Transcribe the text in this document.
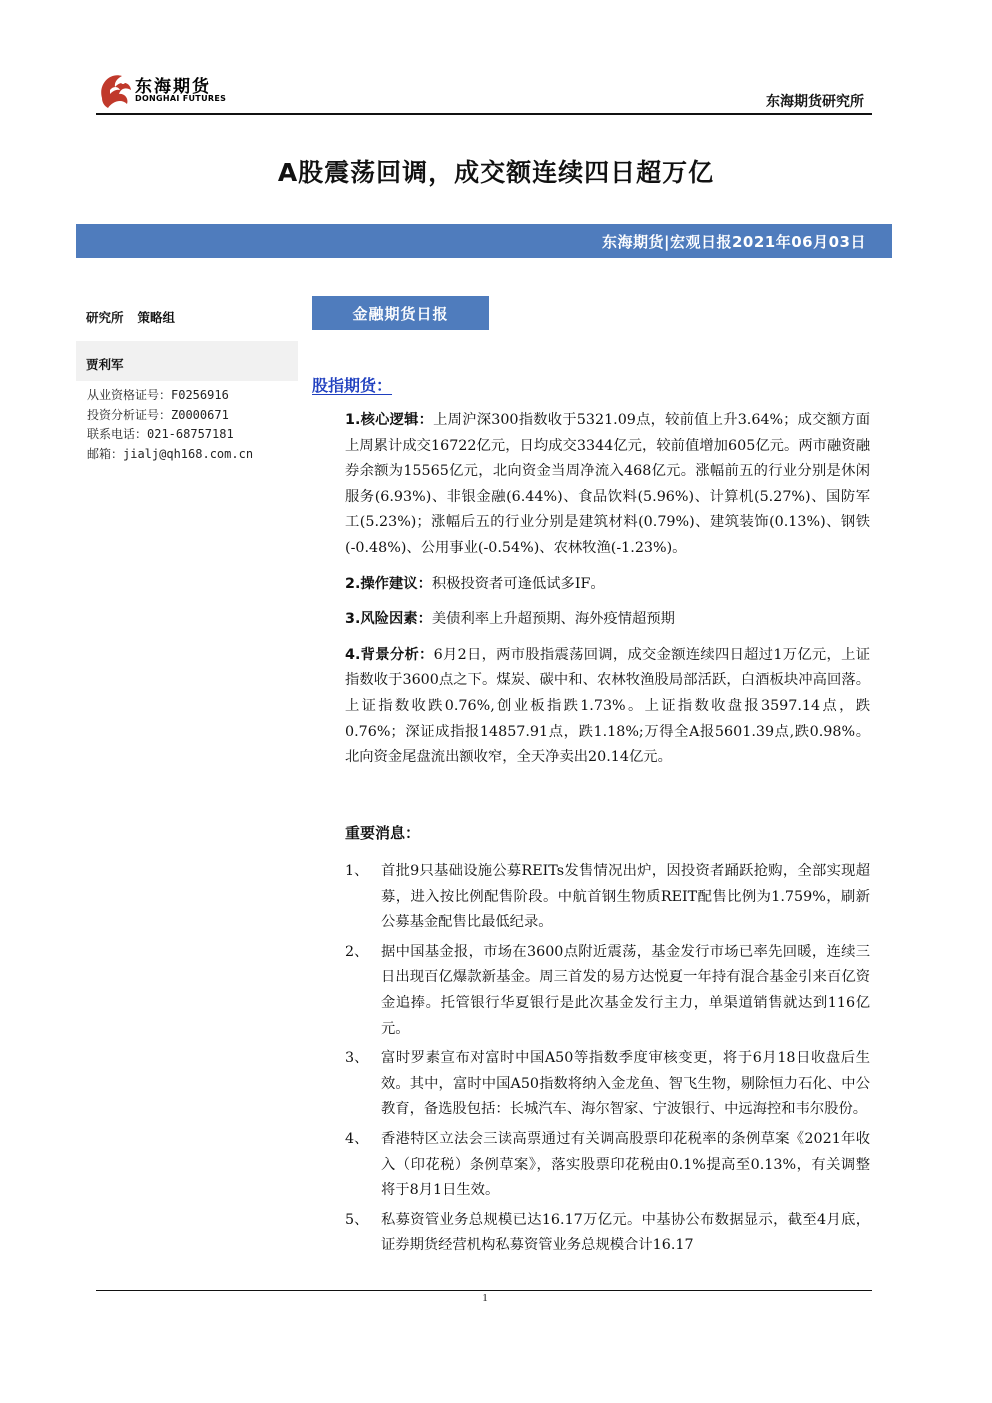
东海期货
DONGHAI FUTURES	东海期货研究所
A股震荡回调，成交额连续四日超万亿
东海期货|宏观日报2021年06月03日
研究所 策略组
贾利军
从业资格证号：F0256916
投资分析证号：Z0000671
联系电话：021-68757181
邮箱：jialj@qh168.com.cn
金融期货日报
股指期货：

1.核心逻辑：上周沪深300指数收于5321.09点，较前值上升3.64%；成交额方面上周累计成交16722亿元，日均成交3344亿元，较前值增加605亿元。两市融资融券余额为15565亿元，北向资金当周净流入468亿元。涨幅前五的行业分别是休闲服务(6.93%)、非银金融(6.44%)、食品饮料(5.96%)、计算机(5.27%)、国防军工(5.23%)；涨幅后五的行业分别是建筑材料(0.79%)、建筑装饰(0.13%)、钢铁(-0.48%)、公用事业(-0.54%)、农林牧渔(-1.23%)。

2.操作建议：积极投资者可逢低试多IF。

3.风险因素：美债利率上升超预期、海外疫情超预期

4.背景分析：6月2日，两市股指震荡回调，成交金额连续四日超过1万亿元，上证指数收于3600点之下。煤炭、碳中和、农林牧渔股局部活跃，白酒板块冲高回落。上证指数收跌0.76%,创业板指跌1.73%。上证指数收盘报3597.14点，跌0.76%；深证成指报14857.91点，跌1.18%;万得全A报5601.39点,跌0.98%。北向资金尾盘流出额收窄，全天净卖出20.14亿元。

重要消息：
1、 首批9只基础设施公募REITs发售情况出炉，因投资者踊跃抢购，全部实现超募，进入按比例配售阶段。中航首钢生物质REIT配售比例为1.759%，刷新公募基金配售比最低纪录。
2、 据中国基金报，市场在3600点附近震荡，基金发行市场已率先回暖，连续三日出现百亿爆款新基金。周三首发的易方达悦夏一年持有混合基金引来百亿资金追捧。托管银行华夏银行是此次基金发行主力，单渠道销售就达到116亿元。
3、 富时罗素宣布对富时中国A50等指数季度审核变更，将于6月18日收盘后生效。其中，富时中国A50指数将纳入金龙鱼、智飞生物，剔除恒力石化、中公教育，备选股包括：长城汽车、海尔智家、宁波银行、中远海控和韦尔股份。
4、 香港特区立法会三读高票通过有关调高股票印花税率的条例草案《2021年收入（印花税）条例草案》，落实股票印花税由0.1%提高至0.13%，有关调整将于8月1日生效。
5、 私募资管业务总规模已达16.17万亿元。中基协公布数据显示，截至4月底，证券期货经营机构私募资管业务总规模合计16.17
1
